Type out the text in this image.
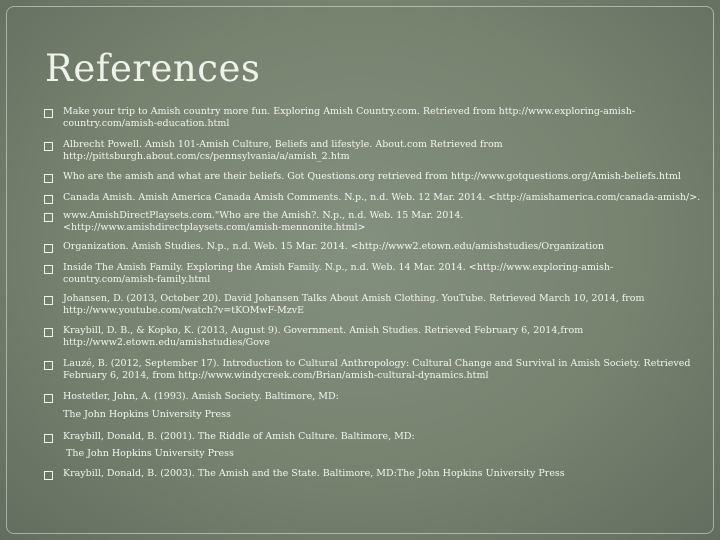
References
Make your trip to Amish country more fun. Exploring Amish Country.com. Retrieved from http://www.exploring-amish-country.com/amish-education.html
Albrecht Powell. Amish 101-Amish Culture, Beliefs and lifestyle. About.com Retrieved from http://pittsburgh.about.com/cs/pennsylvania/a/amish_2.htm
Who are the amish and what are their beliefs. Got Questions.org retrieved from http://www.gotquestions.org/Amish-beliefs.html
Canada Amish. Amish America Canada Amish Comments. N.p., n.d. Web. 12 Mar. 2014. <http://amishamerica.com/canada-amish/>.
www.AmishDirectPlaysets.com."Who are the Amish?. N.p., n.d. Web. 15 Mar. 2014.          <http://www.amishdirectplaysets.com/amish-mennonite.html>
Organization. Amish Studies. N.p., n.d. Web. 15 Mar. 2014. <http://www2.etown.edu/amishstudies/Organization
Inside The Amish Family. Exploring the Amish Family. N.p., n.d. Web. 14 Mar. 2014. <http://www.exploring-amish-country.com/amish-family.html
Johansen, D. (2013, October 20). David Johansen Talks About Amish Clothing. YouTube. Retrieved March 10, 2014, from http://www.youtube.com/watch?v=tKOMwF-MzvE
Kraybill, D. B., & Kopko, K. (2013, August 9). Government. Amish Studies. Retrieved February 6, 2014,from http://www2.etown.edu/amishstudies/Gove
Lauzé, B. (2012, September 17). Introduction to Cultural Anthropology: Cultural Change and Survival in Amish Society. Retrieved February 6, 2014, from http://www.windycreek.com/Brian/amish-cultural-dynamics.html
Hostetler, John, A. (1993). Amish Society. Baltimore, MD:
The John Hopkins University Press
Kraybill, Donald, B. (2001). The Riddle of Amish Culture. Baltimore, MD:
The John Hopkins University Press
Kraybill, Donald, B. (2003). The Amish and the State. Baltimore, MD:The John Hopkins University Press
